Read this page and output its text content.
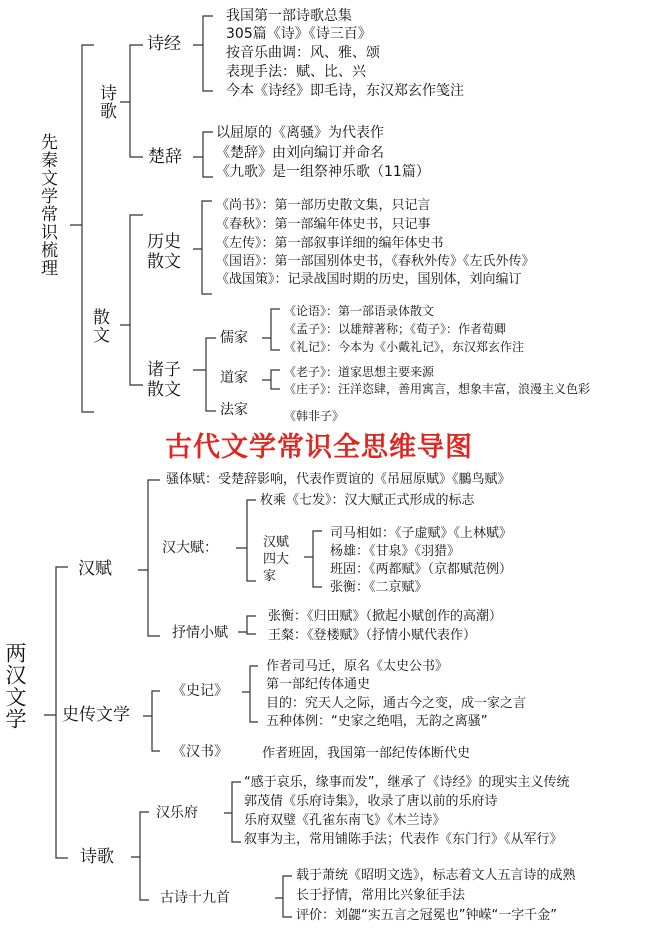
先秦文学常识梳理
诗歌
诗经
我国第一部诗歌总集
305篇《诗》《诗三百》
按音乐曲调：风、雅、颂
表现手法：赋、比、兴
今本《诗经》即毛诗，东汉郑玄作笺注
楚辞
以屈原的《离骚》为代表作
《楚辞》由刘向编订并命名
《九歌》是一组祭神乐歌（11篇）
散文
历史散文
《尚书》：第一部历史散文集，只记言
《春秋》：第一部编年体史书，只记事
《左传》：第一部叙事详细的编年体史书
《国语》：第一部国别体史书，《春秋外传》《左氏外传》
《战国策》：记录战国时期的历史，国别体，刘向编订
诸子散文
儒家
《论语》：第一部语录体散文
《孟子》：以雄辩著称；《荀子》：作者荀卿
《礼记》：今本为《小戴礼记》，东汉郑玄作注
道家	《老子》：道家思想主要来源
《庄子》：汪洋恣肆，善用寓言，想象丰富，浪漫主义色彩
法家	《韩非子》
古代文学常识全思维导图
两汉文学
汉赋
骚体赋：受楚辞影响，代表作贾谊的《吊屈原赋》《鵩鸟赋》
汉大赋：
枚乘《七发》：汉大赋正式形成的标志
汉赋四大家
司马相如：《子虚赋》《上林赋》
杨雄：《甘泉》《羽猎》
班固：《两都赋》（京都赋范例）
张衡：《二京赋》
抒情小赋
张衡：《归田赋》（掀起小赋创作的高潮）
王粲：《登楼赋》（抒情小赋代表作）
史传文学
《史记》
作者司马迁，原名《太史公书》
第一部纪传体通史
目的：究天人之际，通古今之变，成一家之言
五种体例：“史家之绝唱，无韵之离骚”
《汉书》	作者班固，我国第一部纪传体断代史
诗歌
汉乐府
“感于哀乐，缘事而发”，继承了《诗经》的现实主义传统
郭茂倩《乐府诗集》，收录了唐以前的乐府诗
乐府双璧《孔雀东南飞》《木兰诗》
叙事为主，常用铺陈手法；代表作《东门行》《从军行》
古诗十九首
载于萧统《昭明文选》，标志着文人五言诗的成熟
长于抒情，常用比兴象征手法
评价：刘勰“实五言之冠冕也”钟嵘“一字千金”
